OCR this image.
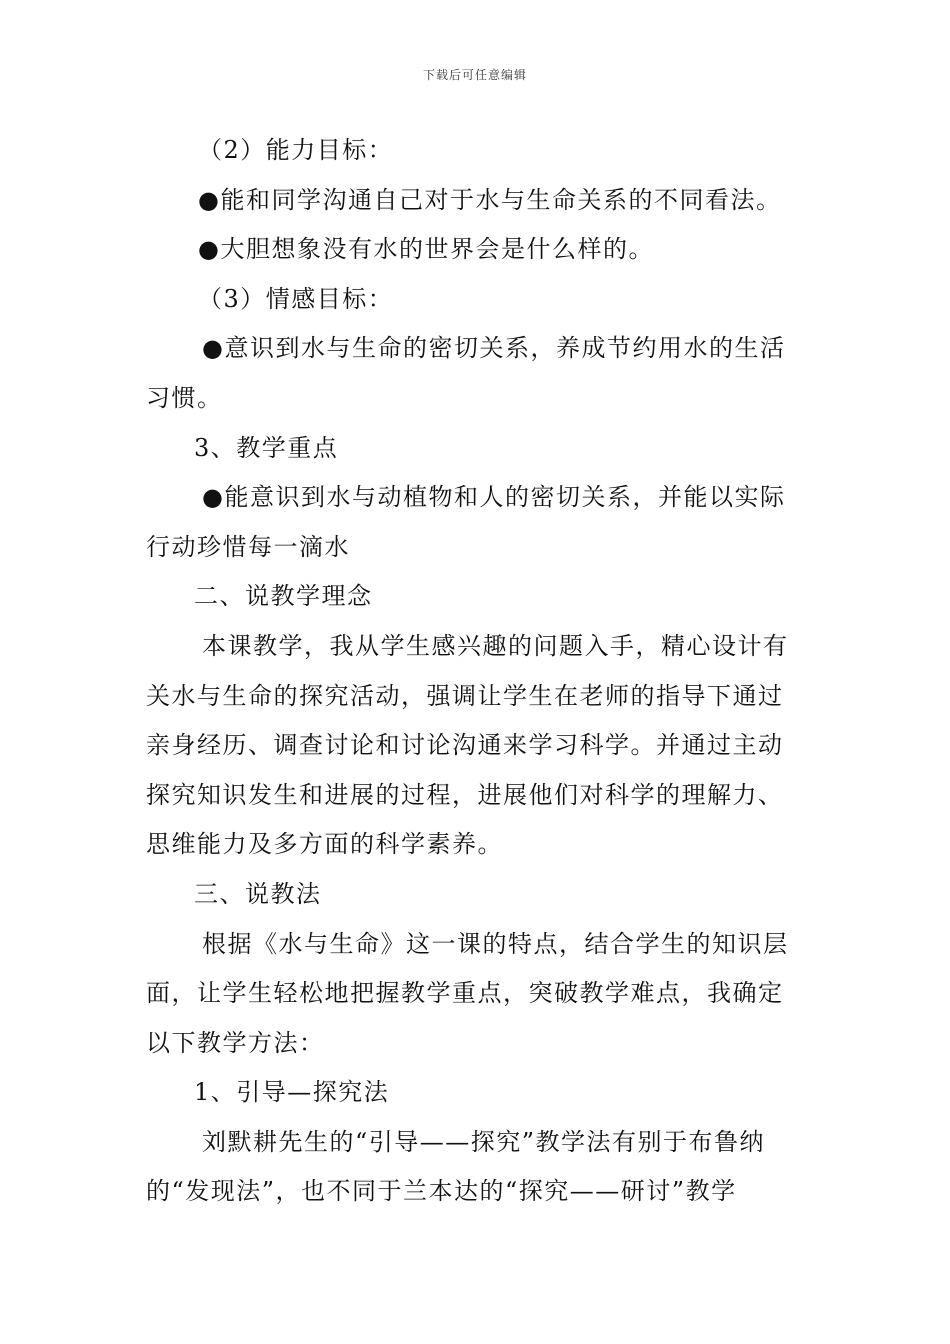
下载后可任意编辑
（2）能力目标：
●能和同学沟通自己对于水与生命关系的不同看法。
●大胆想象没有水的世界会是什么样的。
（3）情感目标：
●意识到水与生命的密切关系，养成节约用水的生活
习惯。
3、教学重点
●能意识到水与动植物和人的密切关系，并能以实际
行动珍惜每一滴水
二、说教学理念
本课教学，我从学生感兴趣的问题入手，精心设计有
关水与生命的探究活动，强调让学生在老师的指导下通过
亲身经历、调查讨论和讨论沟通来学习科学。并通过主动
探究知识发生和进展的过程，进展他们对科学的理解力、
思维能力及多方面的科学素养。
三、说教法
根据《水与生命》这一课的特点，结合学生的知识层
面，让学生轻松地把握教学重点，突破教学难点，我确定
以下教学方法：
1、引导—探究法
刘默耕先生的“引导——探究”教学法有别于布鲁纳
的“发现法”，也不同于兰本达的“探究——研讨”教学
